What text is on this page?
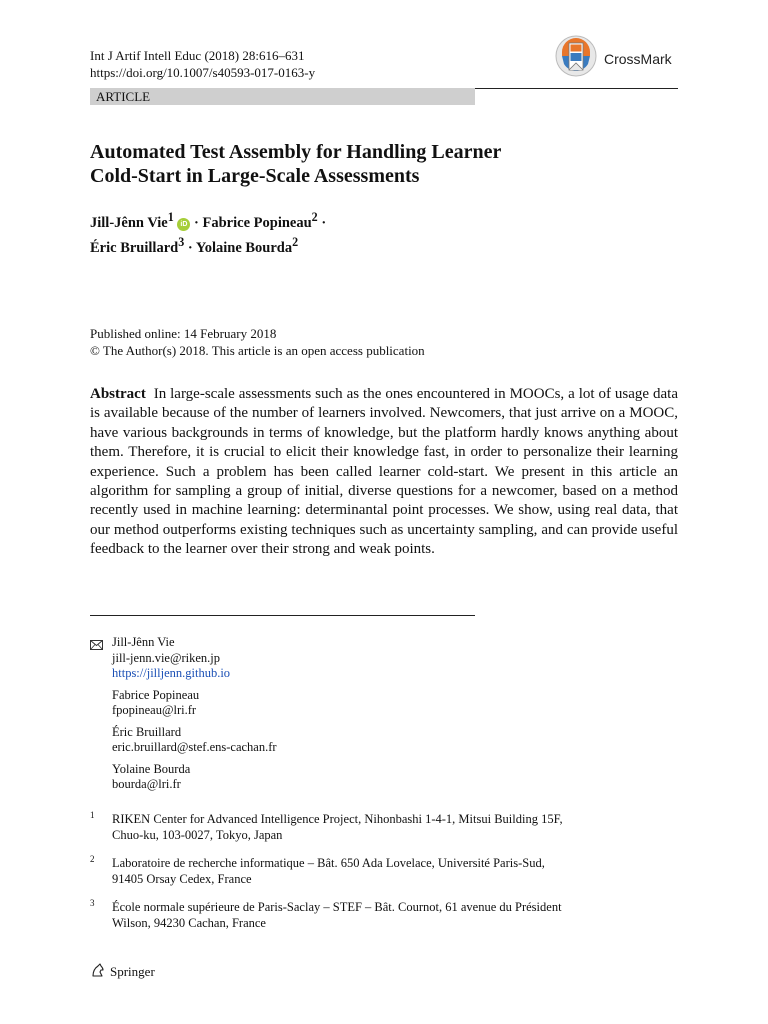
Int J Artif Intell Educ (2018) 28:616–631
https://doi.org/10.1007/s40593-017-0163-y
CrossMark
ARTICLE
Automated Test Assembly for Handling Learner
Cold-Start in Large-Scale Assessments
Jill-Jênn Vie$^1$ iD · Fabrice Popineau$^2$ ·
Éric Bruillard$^3$ · Yolaine Bourda$^2$
Published online: 14 February 2018
© The Author(s) 2018. This article is an open access publication
Abstract In large-scale assessments such as the ones encountered in MOOCs, a lot of usage data is available because of the number of learners involved. Newcomers, that just arrive on a MOOC, have various backgrounds in terms of knowledge, but the platform hardly knows anything about them. Therefore, it is crucial to elicit their knowledge fast, in order to personalize their learning experience. Such a problem has been called learner cold-start. We present in this article an algorithm for sampling a group of initial, diverse questions for a newcomer, based on a method recently used in machine learning: determinantal point processes. We show, using real data, that our method outperforms existing techniques such as uncertainty sampling, and can provide useful feedback to the learner over their strong and weak points.
Jill-Jênn Vie
jill-jenn.vie@riken.jp
https://jilljenn.github.io
Fabrice Popineau
fpopineau@lri.fr
Éric Bruillard
eric.bruillard@stef.ens-cachan.fr
Yolaine Bourda
bourda@lri.fr
1 RIKEN Center for Advanced Intelligence Project, Nihonbashi 1-4-1, Mitsui Building 15F,
Chuo-ku, 103-0027, Tokyo, Japan
2 Laboratoire de recherche informatique – Bât. 650 Ada Lovelace, Université Paris-Sud,
91405 Orsay Cedex, France
3 École normale supérieure de Paris-Saclay – STEF – Bât. Cournot, 61 avenue du Président
Wilson, 94230 Cachan, France
Springer
